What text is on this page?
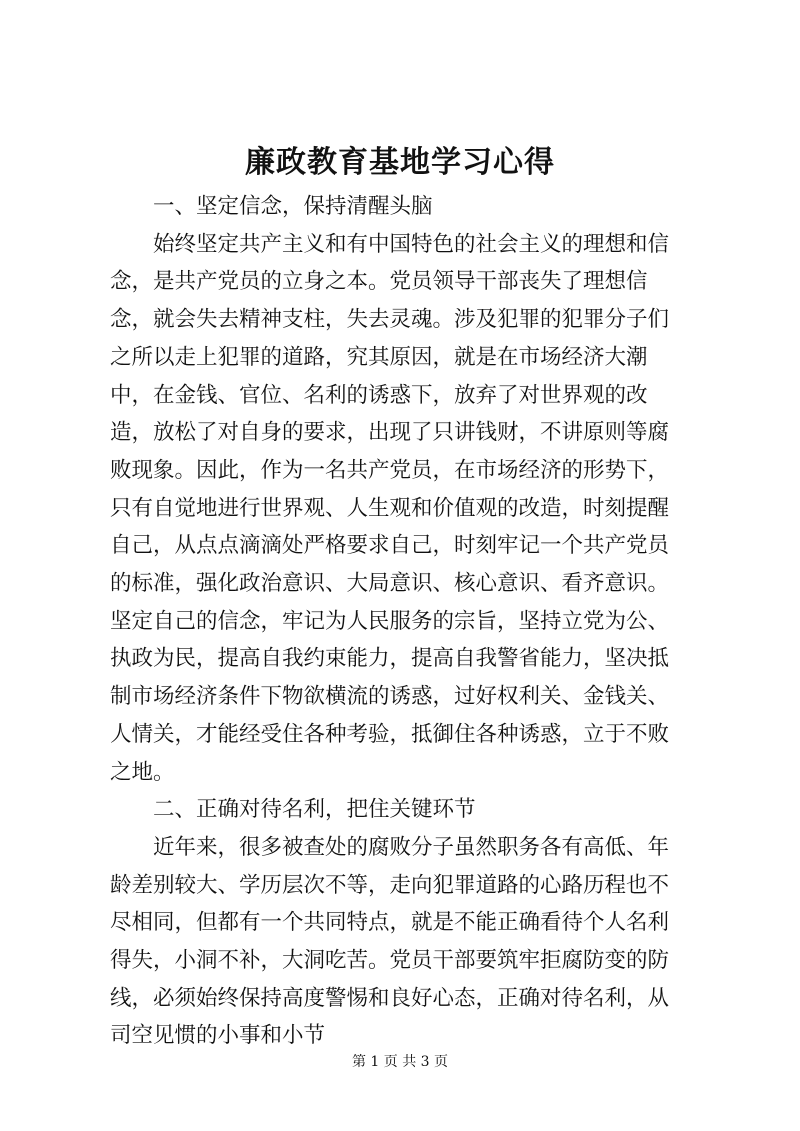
廉政教育基地学习心得

一、坚定信念，保持清醒头脑

始终坚定共产主义和有中国特色的社会主义的理想和信念，是共产党员的立身之本。党员领导干部丧失了理想信念，就会失去精神支柱，失去灵魂。涉及犯罪的犯罪分子们之所以走上犯罪的道路，究其原因，就是在市场经济大潮中，在金钱、官位、名利的诱惑下，放弃了对世界观的改造，放松了对自身的要求，出现了只讲钱财，不讲原则等腐败现象。因此，作为一名共产党员，在市场经济的形势下，只有自觉地进行世界观、人生观和价值观的改造，时刻提醒自己，从点点滴滴处严格要求自己，时刻牢记一个共产党员的标准，强化政治意识、大局意识、核心意识、看齐意识。坚定自己的信念，牢记为人民服务的宗旨，坚持立党为公、执政为民，提高自我约束能力，提高自我警省能力，坚决抵制市场经济条件下物欲横流的诱惑，过好权利关、金钱关、人情关，才能经受住各种考验，抵御住各种诱惑，立于不败之地。

二、正确对待名利，把住关键环节

近年来，很多被查处的腐败分子虽然职务各有高低、年龄差别较大、学历层次不等，走向犯罪道路的心路历程也不尽相同，但都有一个共同特点，就是不能正确看待个人名利得失，小洞不补，大洞吃苦。党员干部要筑牢拒腐防变的防线，必须始终保持高度警惕和良好心态，正确对待名利，从司空见惯的小事和小节

第 1 页 共 3 页
